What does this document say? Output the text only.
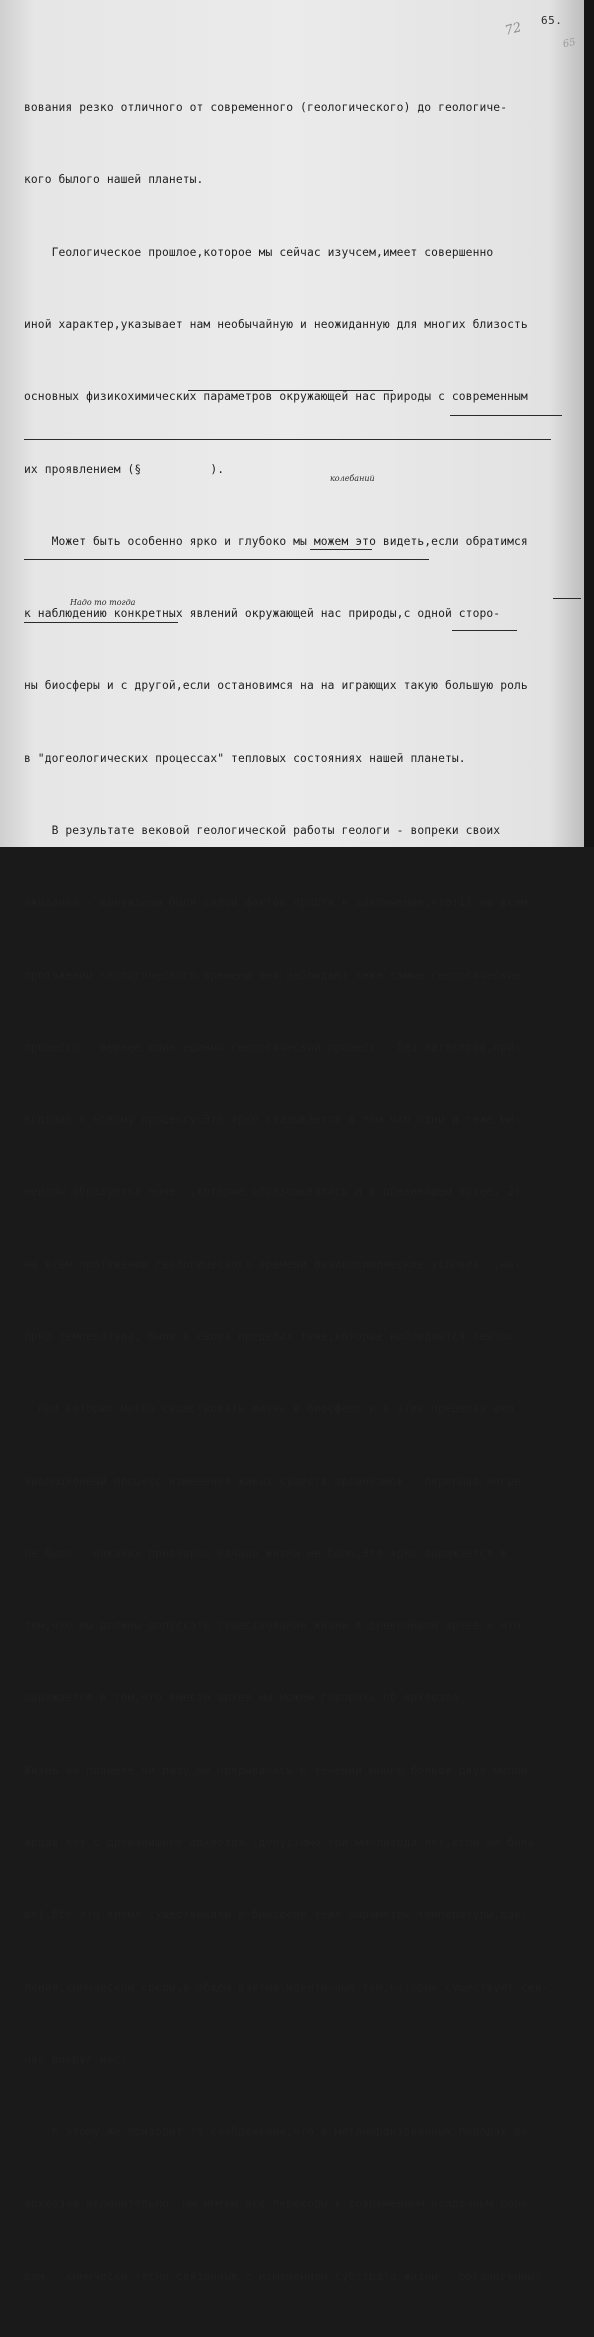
65.
72
65

вования резко отличного от современного (геологического) до геологиче-

кого былого нашей планеты.

Геологическое прошлое,которое мы сейчас изучсем,имеет совершенно

иной характер,указывает нам необычайную и неожиданную для многих близость

основных физикохимических параметров окружающей нас природы с современным

их проявлением (§          ).

Может быть особенно ярко и глубоко мы можем это видеть,если обратимся

к наблюдению конкретных явлений окружающей нас природы,с одной сторо-

ны биосферы и с другой,если остановимся на на играющих такую большую роль

в "догеологических процессах" тепловых состояниях нашей планеты.

В результате вековой геологической работы геологи - вопреки своих

ожиданий - вынуждены были силой фактов придти к заключению,что:1) на всем

протяжении геологического времени они наблюдают теже самые геологические

процессы - вернее один единый геологический процесс - без катастроф,при-

водящих к новому процессу.Это ярко сказывается в том,что одни и теже ми-

нералы образуются ныне  ,которые образовывались и в древнейшем архее, 2)

на всем протяжении геологического времени физикохимические условия  ,на-

прйр температура, были в своих пределах теже,которые наблюдаются сейчас

- при которых могла существовать жизнь в биосфере и в этих пределах шел

эволюционный процесс изменения живых существ организмов   перерыва нигде

не было - никаких признаков начала жизни не было.Это ярко выражается в

том,что мы должны допускать существование жизни в древнейшем архее и что

выражается в том,что вместо архея мы можем говорить об археозое.

Жизнь на планете ни разу не прерывалась в течении много больше двух милли-

ардов лет с древнейшего археозоя (допустимо три миллиарда лет,если не боль-

ше).Все это время существовали в биосфере теже параметры температуры,дав-

ления,химической среды,в общем взятые,идентичные тем,которые существуют сей-

час вокруг нас.

К этому же приводит то соображение,что в метаморфизованных породах до

археозоя включительно  мы имеем все переходы к современным осадочным поро-

дам - химически тесно связанные с изменением субстрата жизни - органогенных

колебаний
Надо то тогда
